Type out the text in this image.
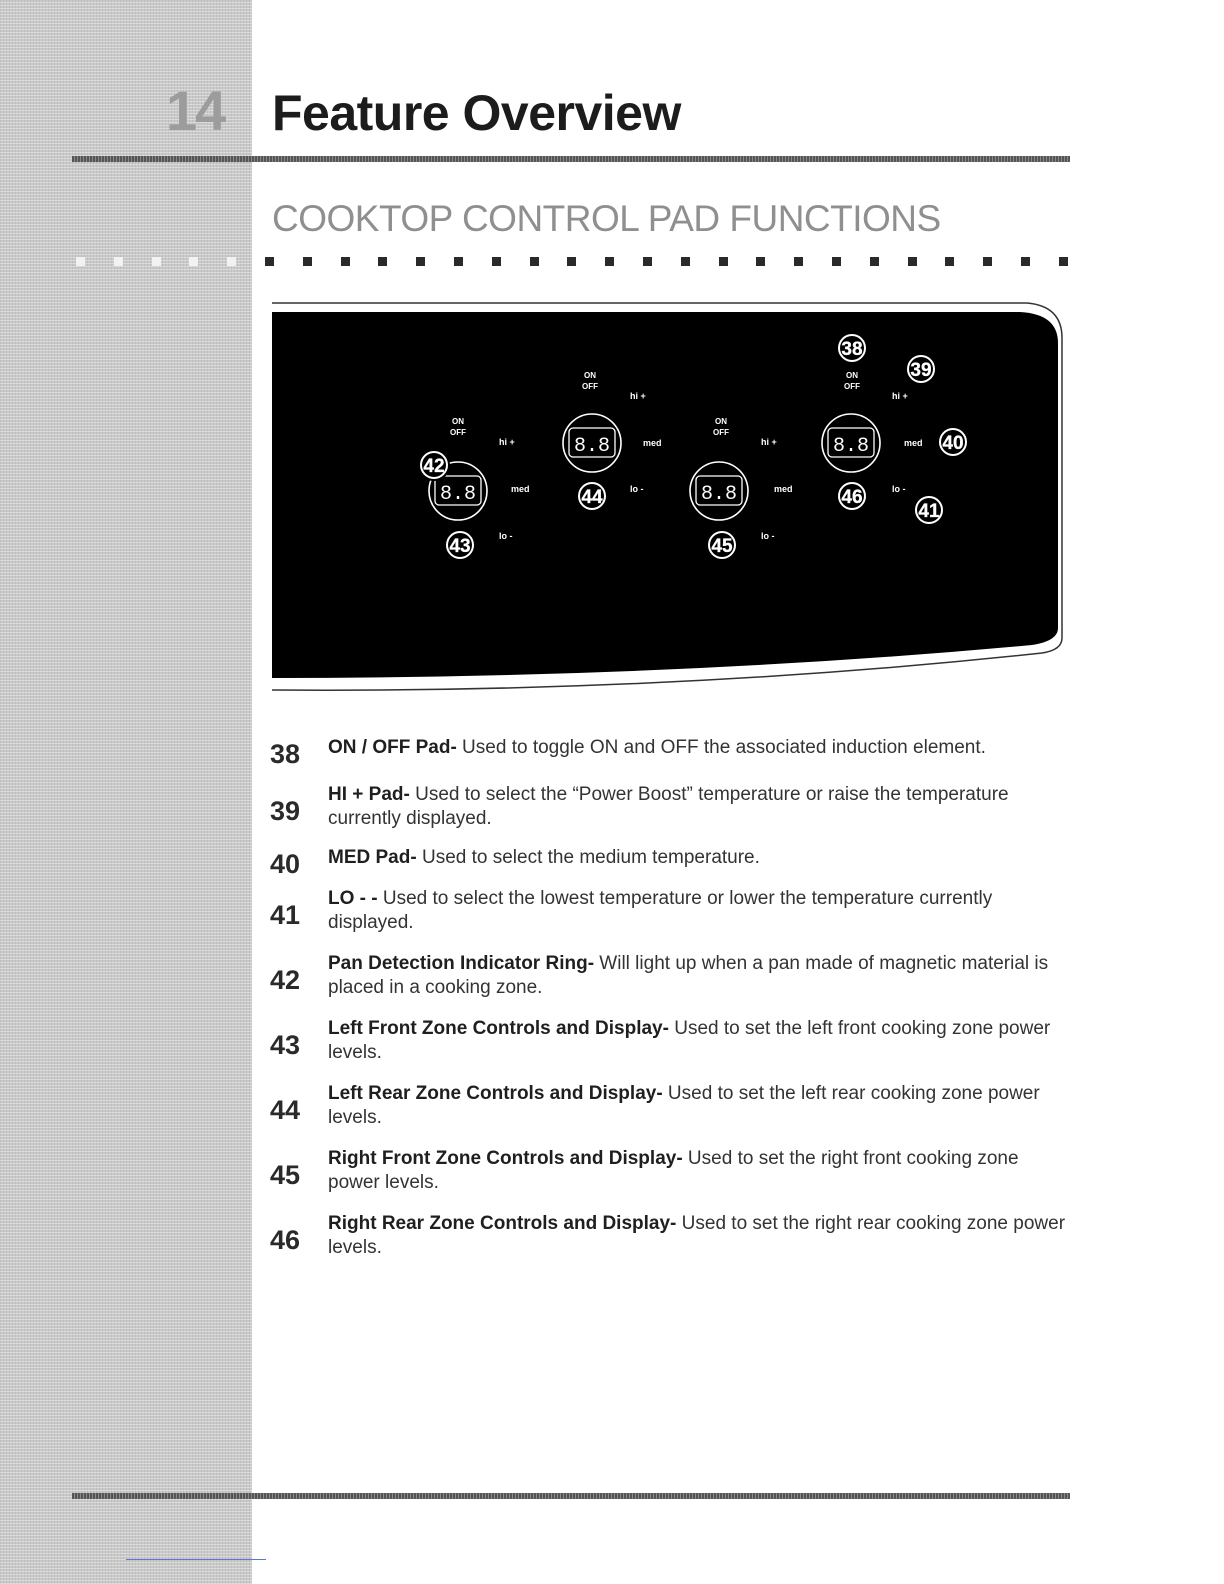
14 Feature Overview
COOKTOP CONTROL PAD FUNCTIONS
ON
OFF
hi +
med
lo -
8.8
ON
OFF
hi +
med
lo -
8.8
ON
OFF
hi +
med
lo -
8.8
ON
OFF
hi +
med
lo -
8.8
38
39
40
41
42
43
44
45
46
38 ON / OFF Pad- Used to toggle ON and OFF the associated induction element.
39
HI + Pad- Used to select the “Power Boost” temperature or raise the temperature currently displayed.
40 MED Pad- Used to select the medium temperature.
41
LO - - Used to select the lowest temperature or lower the temperature currently displayed.
42
Pan Detection Indicator Ring- Will light up when a pan made of magnetic material is placed in a cooking zone.
43
Left Front Zone Controls and Display- Used to set the left front cooking zone power levels.
44
Left Rear Zone Controls and Display- Used to set the left rear cooking zone power levels.
45
Right Front Zone Controls and Display- Used to set the right front cooking zone power levels.
46
Right Rear Zone Controls and Display- Used to set the right rear cooking zone power levels.
